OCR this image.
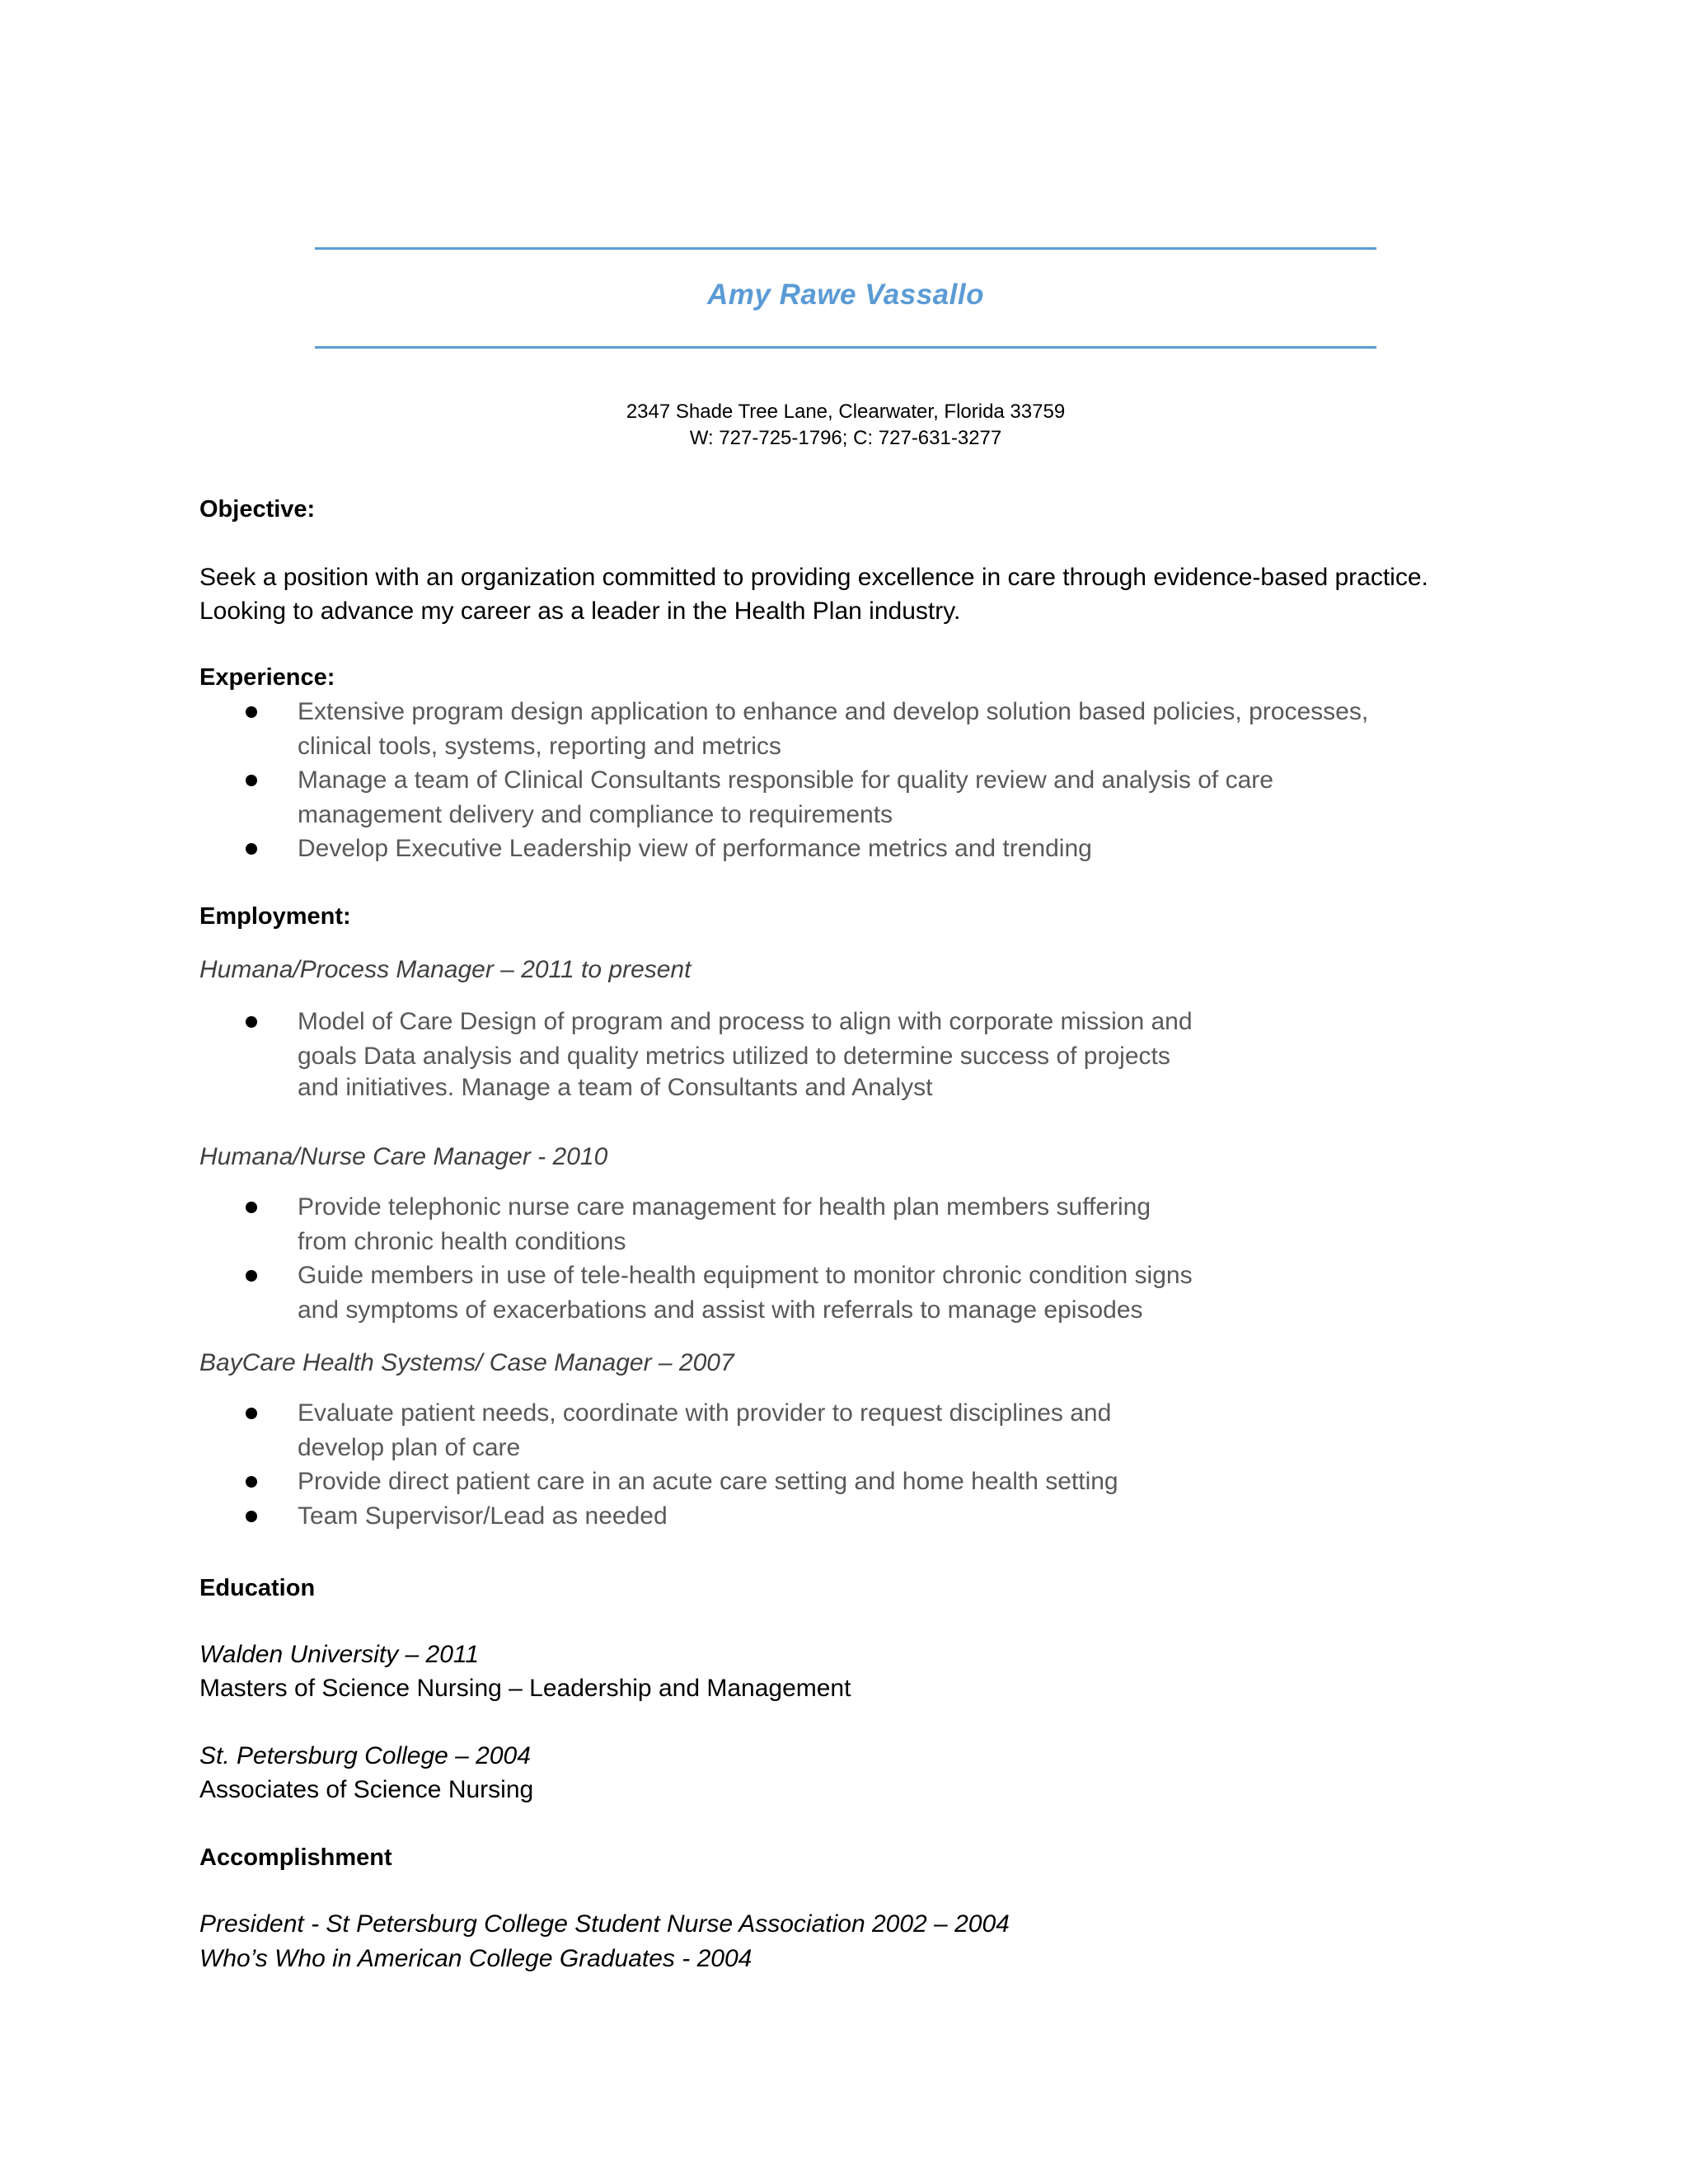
Amy Rawe Vassallo
2347 Shade Tree Lane, Clearwater, Florida 33759
W: 727-725-1796; C: 727-631-3277
Objective:
Seek a position with an organization committed to providing excellence in care through evidence-based practice.
Looking to advance my career as a leader in the Health Plan industry.
Experience:
Extensive program design application to enhance and develop solution based policies, processes,
clinical tools, systems, reporting and metrics
Manage a team of Clinical Consultants responsible for quality review and analysis of care
management delivery and compliance to requirements
Develop Executive Leadership view of performance metrics and trending
Employment:
Humana/Process Manager – 2011 to present
Model of Care Design of program and process to align with corporate mission and
goals Data analysis and quality metrics utilized to determine success of projects
and initiatives. Manage a team of Consultants and Analyst
Humana/Nurse Care Manager - 2010
Provide telephonic nurse care management for health plan members suffering
from chronic health conditions
Guide members in use of tele-health equipment to monitor chronic condition signs
and symptoms of exacerbations and assist with referrals to manage episodes
BayCare Health Systems/ Case Manager – 2007
Evaluate patient needs, coordinate with provider to request disciplines and
develop plan of care
Provide direct patient care in an acute care setting and home health setting
Team Supervisor/Lead as needed
Education
Walden University – 2011
Masters of Science Nursing – Leadership and Management
St. Petersburg College – 2004
Associates of Science Nursing
Accomplishment
President - St Petersburg College Student Nurse Association 2002 – 2004
Who’s Who in American College Graduates - 2004
